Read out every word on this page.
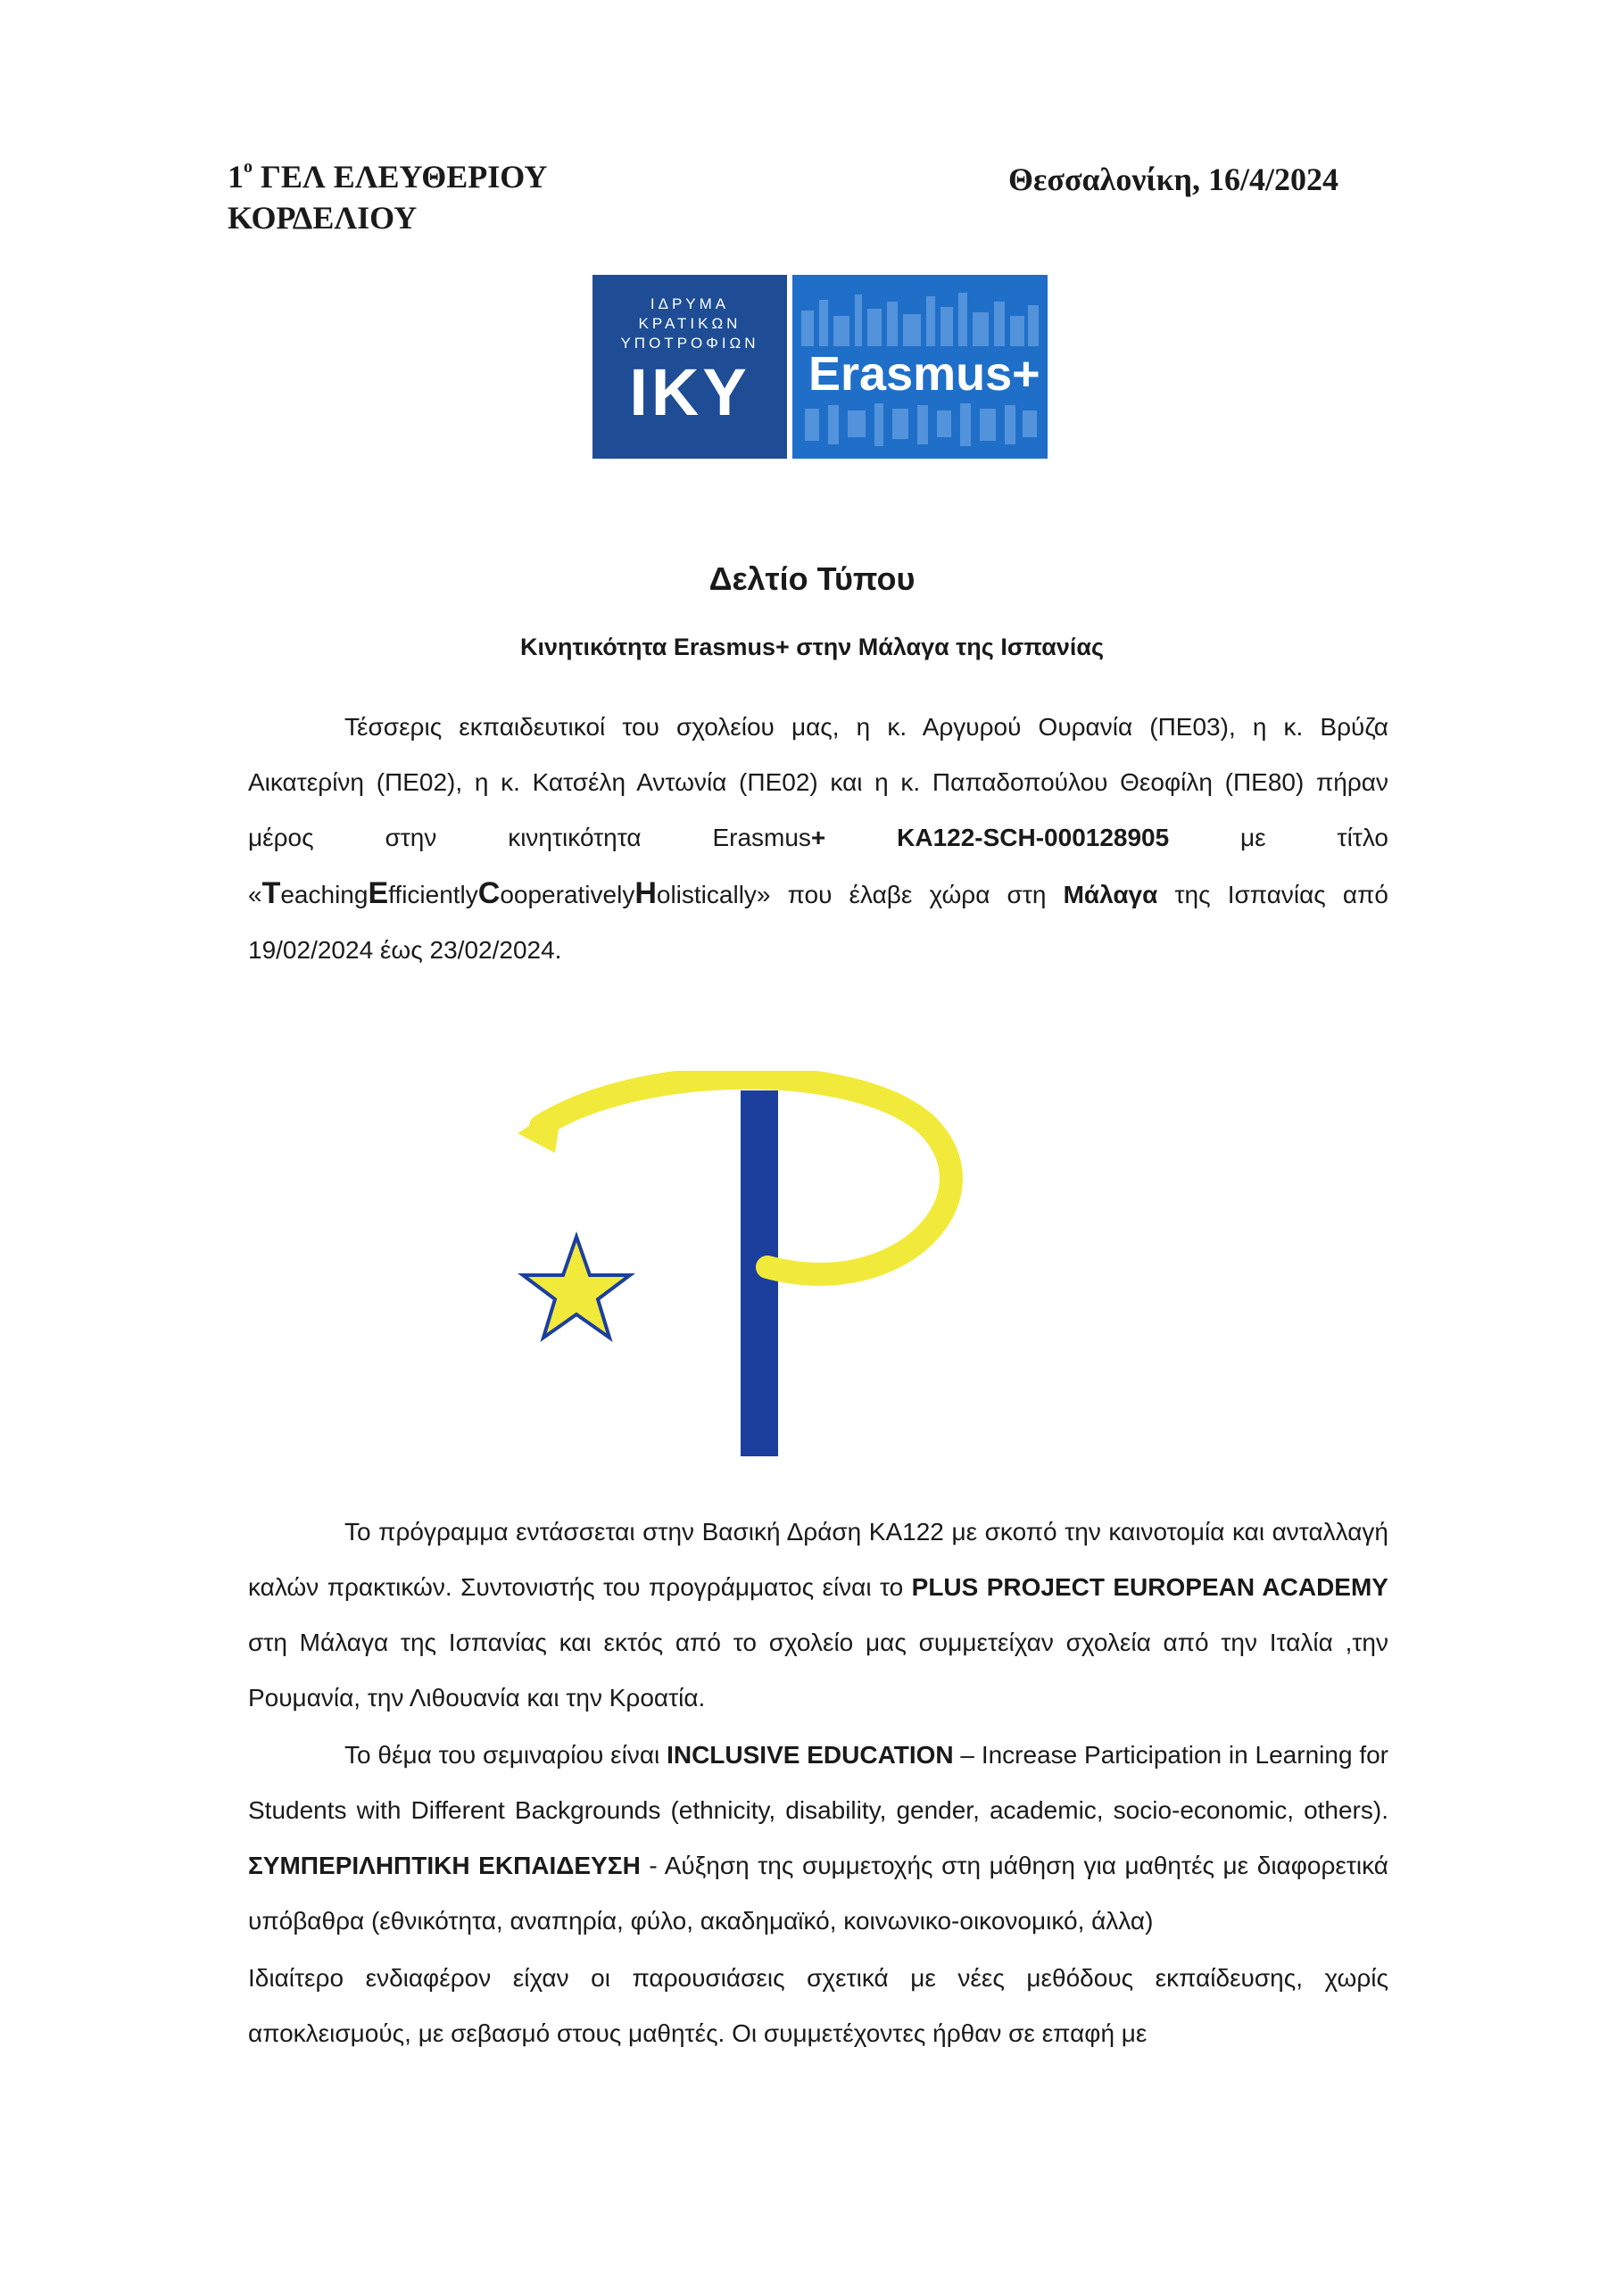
$1^o$ ΓΕΛ ΕΛΕΥΘΕΡΙΟΥ
ΚΟΡΔΕΛΙΟΥ
Θεσσαλονίκη, 16/4/2024
ΙΔΡΥΜΑ
ΚΡΑΤΙΚΩΝ
ΥΠΟΤΡΟΦΙΩΝ
IKY	Erasmus+
Δελτίο Τύπου
Κινητικότητα Erasmus+ στην Μάλαγα της Ισπανίας
Τέσσερις εκπαιδευτικοί του σχολείου μας, η κ. Αργυρού Ουρανία (ΠΕ03), η κ. Βρύζα Αικατερίνη (ΠΕ02), η κ. Κατσέλη Αντωνία (ΠΕ02) και η κ. Παπαδοπούλου Θεοφίλη (ΠΕ80) πήραν μέρος στην κινητικότητα Erasmus+	KA122-SCH-000128905 με τίτλο «TeachingEfficientlyCooperativelyHolistically» που έλαβε χώρα στη Μάλαγα της Ισπανίας από 19/02/2024 έως 23/02/2024.
Το πρόγραμμα εντάσσεται στην Βασική Δράση ΚΑ122 με σκοπό την καινοτομία και ανταλλαγή καλών πρακτικών. Συντονιστής του προγράμματος είναι το PLUS PROJECT EUROPEAN ACADEMY στη Μάλαγα της Ισπανίας και εκτός από το σχολείο μας συμμετείχαν σχολεία από την Ιταλία ,την Ρουμανία, την Λιθουανία και την Κροατία.
Το θέμα του σεμιναρίου είναι INCLUSIVE EDUCATION – Increase Participation in Learning for Students with Different Backgrounds (ethnicity, disability, gender, academic, socio-economic, others). ΣΥΜΠΕΡΙΛΗΠΤΙΚΗ ΕΚΠΑΙΔΕΥΣΗ - Αύξηση της συμμετοχής στη μάθηση για μαθητές με διαφορετικά υπόβαθρα (εθνικότητα, αναπηρία, φύλο, ακαδημαϊκό, κοινωνικο-οικονομικό, άλλα)
Ιδιαίτερο ενδιαφέρον είχαν οι παρουσιάσεις σχετικά με νέες μεθόδους εκπαίδευσης, χωρίς αποκλεισμούς, με σεβασμό στους μαθητές. Οι συμμετέχοντες ήρθαν σε επαφή με
